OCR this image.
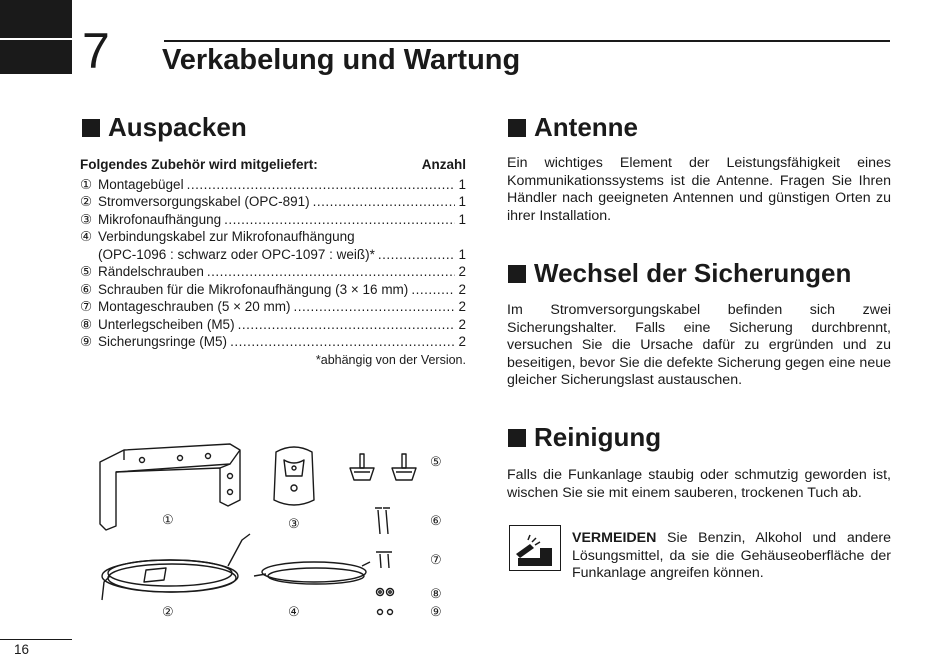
7 Verkabelung und Wartung
Auspacken
Folgendes Zubehör wird mitgeliefert:	Anzahl
① Montagebügel .....	1
② Stromversorgungskabel (OPC-891) .....	1
③ Mikrofonaufhängung .....	1
④ Verbindungskabel zur Mikrofonaufhängung
(OPC-1096 : schwarz oder OPC-1097 : weiß)* .....	1
⑤ Rändelschrauben .....	2
⑥ Schrauben für die Mikrofonaufhängung (3 × 16 mm) .....	2
⑦ Montageschrauben (5 × 20 mm) .....	2
⑧ Unterlegscheiben (M5) .....	2
⑨ Sicherungsringe (M5) .....	2
*abhängig von der Version.
①
②
③
④
⑤
⑥
⑦
⑧
⑨
Antenne
Ein wichtiges Element der Leistungsfähigkeit eines Kommunikationssystems ist die Antenne. Fragen Sie Ihren Händler nach geeigneten Antennen und günstigen Orten zu ihrer Installation.
Wechsel der Sicherungen
Im Stromversorgungskabel befinden sich zwei Sicherungshalter. Falls eine Sicherung durchbrennt, versuchen Sie die Ursache dafür zu ergründen und zu beseitigen, bevor Sie die defekte Sicherung gegen eine neue gleicher Sicherungslast austauschen.
Reinigung
Falls die Funkanlage staubig oder schmutzig geworden ist, wischen Sie sie mit einem sauberen, trockenen Tuch ab.
VERMEIDEN Sie Benzin, Alkohol und andere Lösungsmittel, da sie die Gehäuseoberfläche der Funkanlage angreifen können.
16
